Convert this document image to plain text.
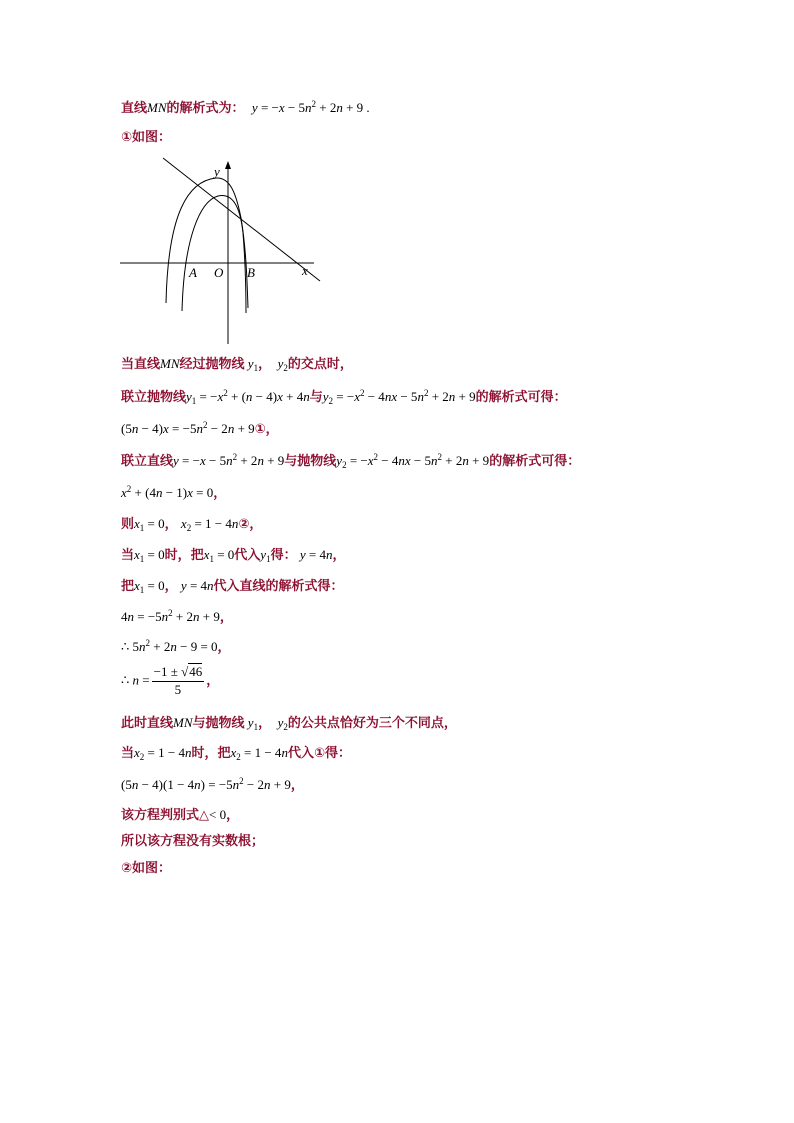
直线MN的解析式为： $y = -x - 5n^2 + 2n + 9$ .
①如图：
y
x
A O B
当直线MN经过抛物线 $y_1$， $y_2$的交点时，
联立抛物线$y_1 = -x^2 + (n - 4)x + 4n$与$y_2 = -x^2 - 4nx - 5n^2 + 2n + 9$的解析式可得：
$(5n - 4)x = -5n^2 - 2n$ + 9①，
联立直线$y = -x - 5n^2 + 2n + 9$与抛物线$y_2 = -x^2 - 4nx - 5n^2 + 2n + 9$的解析式可得：
$x^2 + (4n - 1)x = 0$，
则$x_1 = 0$， $x_2 = 1$ − 4n②，
当$x_1 = 0$时，把$x_1 = 0$代入$y_1$得： y = 4n，
把$x_1 = 0$， y = 4n代入直线的解析式得：
$4n = -5n^2 + 2n + 9$，
∴ $5n^2 + 2n - 9 = 0$，
∴ $n = \frac{-1 \pm √46}{5}$ ，
此时直线MN与抛物线 $y_1$， $y_2$的公共点恰好为三个不同点，
当$x_2 = 1 - 4n$时，把$x_2 = 1 - 4n$代入①得：
$(5n - 4)(1 - 4n) = -5n^2 - 2n + 9$，
该方程判别式△< 0，
所以该方程没有实数根；
②如图：
